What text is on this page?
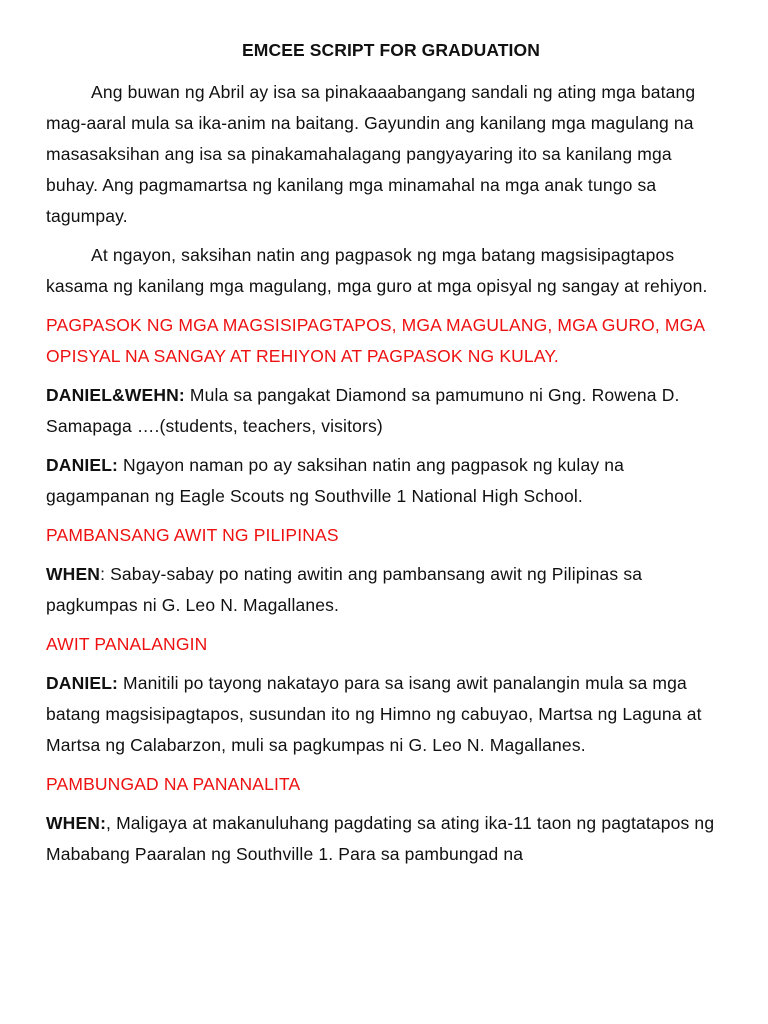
EMCEE SCRIPT FOR GRADUATION

Ang buwan ng Abril ay isa sa pinakaaabangang sandali ng ating mga batang mag-aaral mula sa ika-anim na baitang. Gayundin ang kanilang mga magulang na masasaksihan ang isa sa pinakamahalagang pangyayaring ito sa kanilang mga buhay. Ang pagmamartsa ng kanilang mga minamahal na mga anak tungo sa tagumpay.

At ngayon, saksihan natin ang pagpasok ng mga batang magsisipagtapos kasama ng kanilang mga magulang, mga guro at mga opisyal ng sangay at rehiyon.

PAGPASOK NG MGA MAGSISIPAGTAPOS, MGA MAGULANG, MGA GURO, MGA OPISYAL NA SANGAY AT REHIYON AT PAGPASOK NG KULAY.

DANIEL&WEHN: Mula sa pangakat Diamond sa pamumuno ni Gng. Rowena D. Samapaga ….(students, teachers, visitors)

DANIEL: Ngayon naman po ay saksihan natin ang pagpasok ng kulay na gagampanan ng Eagle Scouts ng Southville 1 National High School.

PAMBANSANG AWIT NG PILIPINAS

WHEN: Sabay-sabay po nating awitin ang pambansang awit ng Pilipinas sa pagkumpas ni G. Leo N. Magallanes.

AWIT PANALANGIN

DANIEL: Manitili po tayong nakatayo para sa isang awit panalangin mula sa mga batang magsisipagtapos, susundan ito ng Himno ng cabuyao, Martsa ng Laguna at Martsa ng Calabarzon, muli sa pagkumpas ni G. Leo N. Magallanes.

PAMBUNGAD NA PANANALITA

WHEN:, Maligaya at makanuluhang pagdating sa ating ika-11 taon ng pagtatapos ng Mababang Paaralan ng Southville 1. Para sa pambungad na
